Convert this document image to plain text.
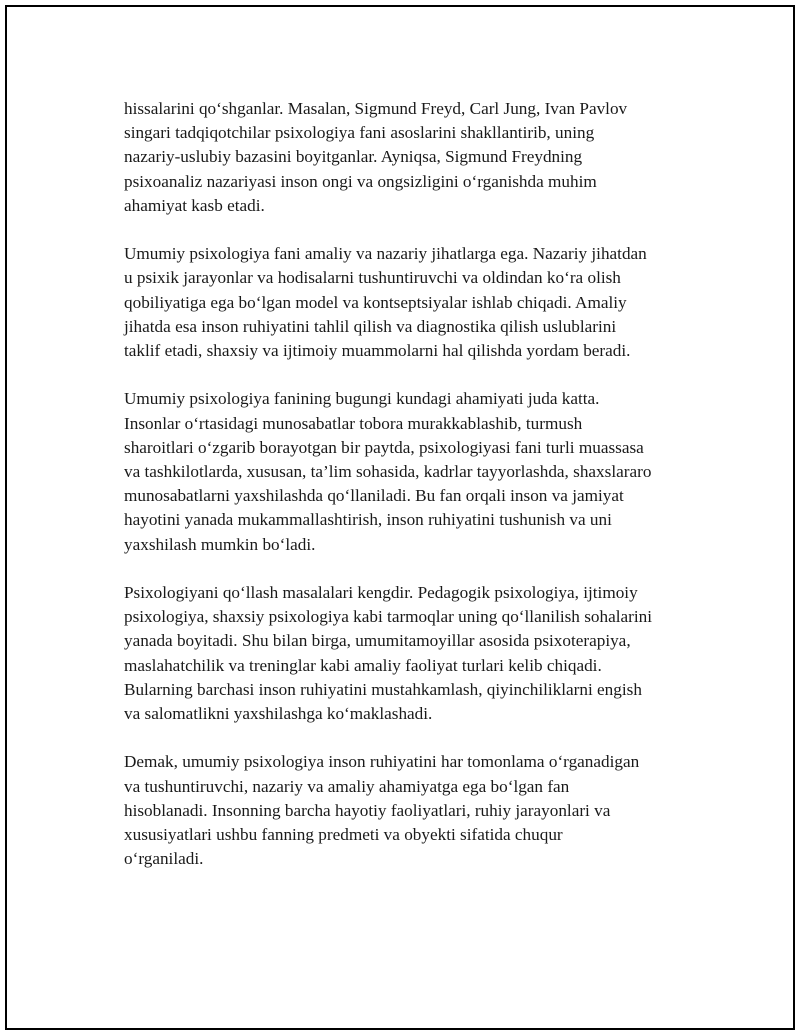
hissalarini qo‘shganlar. Masalan, Sigmund Freyd, Carl Jung, Ivan Pavlov
singari tadqiqotchilar psixologiya fani asoslarini shakllantirib, uning
nazariy-uslubiy bazasini boyitganlar. Ayniqsa, Sigmund Freydning
psixoanaliz nazariyasi inson ongi va ongsizligini o‘rganishda muhim
ahamiyat kasb etadi.

Umumiy psixologiya fani amaliy va nazariy jihatlarga ega. Nazariy jihatdan
u psixik jarayonlar va hodisalarni tushuntiruvchi va oldindan ko‘ra olish
qobiliyatiga ega bo‘lgan model va kontseptsiyalar ishlab chiqadi. Amaliy
jihatda esa inson ruhiyatini tahlil qilish va diagnostika qilish uslublarini
taklif etadi, shaxsiy va ijtimoiy muammolarni hal qilishda yordam beradi.

Umumiy psixologiya fanining bugungi kundagi ahamiyati juda katta.
Insonlar o‘rtasidagi munosabatlar tobora murakkablashib, turmush
sharoitlari o‘zgarib borayotgan bir paytda, psixologiyasi fani turli muassasa
va tashkilotlarda, xususan, ta’lim sohasida, kadrlar tayyorlashda, shaxslararo
munosabatlarni yaxshilashda qo‘llaniladi. Bu fan orqali inson va jamiyat
hayotini yanada mukammallashtirish, inson ruhiyatini tushunish va uni
yaxshilash mumkin bo‘ladi.

Psixologiyani qo‘llash masalalari kengdir. Pedagogik psixologiya, ijtimoiy
psixologiya, shaxsiy psixologiya kabi tarmoqlar uning qo‘llanilish sohalarini
yanada boyitadi. Shu bilan birga, umumitamoyillar asosida psixoterapiya,
maslahatchilik va treninglar kabi amaliy faoliyat turlari kelib chiqadi.
Bularning barchasi inson ruhiyatini mustahkamlash, qiyinchiliklarni engish
va salomatlikni yaxshilashga ko‘maklashadi.

Demak, umumiy psixologiya inson ruhiyatini har tomonlama o‘rganadigan
va tushuntiruvchi, nazariy va amaliy ahamiyatga ega bo‘lgan fan
hisoblanadi. Insonning barcha hayotiy faoliyatlari, ruhiy jarayonlari va
xususiyatlari ushbu fanning predmeti va obyekti sifatida chuqur
o‘rganiladi.
